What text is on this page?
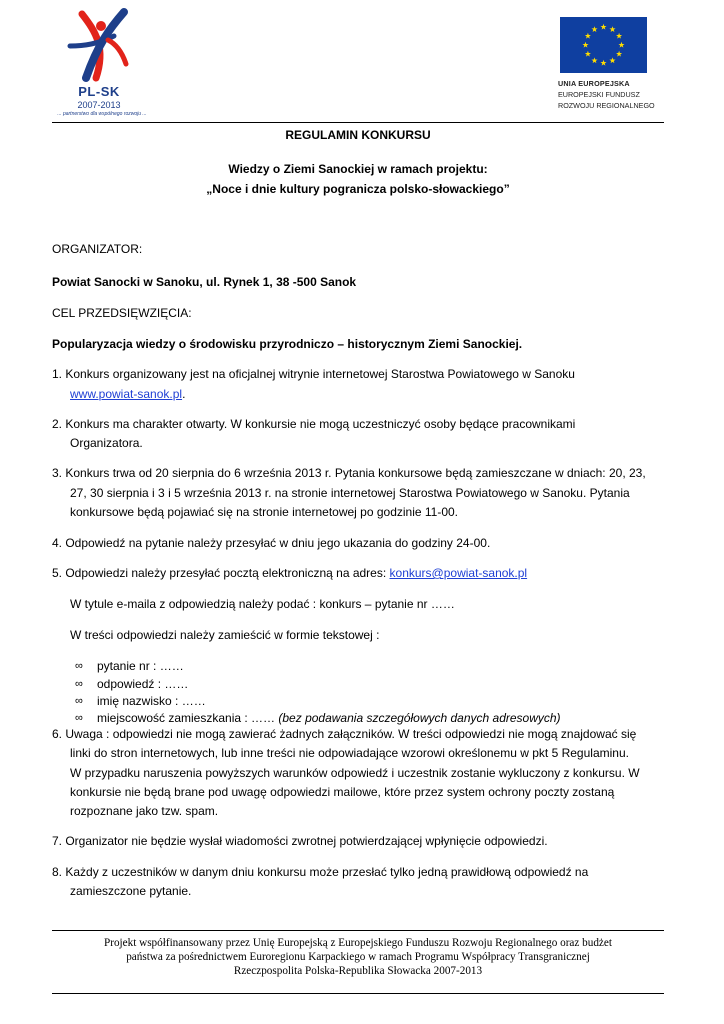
PL-SK
2007-2013
... partnerstwo dla wspólnego rozwoju ...
UNIA EUROPEJSKA
EUROPEJSKI FUNDUSZ
ROZWOJU REGIONALNEGO
REGULAMIN KONKURSU
Wiedzy o Ziemi Sanockiej w ramach projektu:
„Noce i dnie kultury pogranicza polsko-słowackiego”
ORGANIZATOR:
Powiat Sanocki w Sanoku, ul. Rynek 1, 38 -500 Sanok
CEL PRZEDSIĘWZIĘCIA:
Popularyzacja wiedzy o środowisku przyrodniczo – historycznym Ziemi Sanockiej.
1. Konkurs organizowany jest na oficjalnej witrynie internetowej Starostwa Powiatowego w Sanoku
www.powiat-sanok.pl.
2. Konkurs ma charakter otwarty. W konkursie nie mogą uczestniczyć osoby będące pracownikami
Organizatora.
3. Konkurs trwa od 20 sierpnia do 6 września 2013 r. Pytania konkursowe będą zamieszczane w dniach: 20, 23,
27, 30 sierpnia i 3 i 5 września 2013 r. na stronie internetowej Starostwa Powiatowego w Sanoku. Pytania
konkursowe będą pojawiać się na stronie internetowej po godzinie 11-00.
4. Odpowiedź na pytanie należy przesyłać w dniu jego ukazania do godziny 24-00.
5. Odpowiedzi należy przesyłać pocztą elektroniczną na adres: konkurs@powiat-sanok.pl
W tytule e-maila z odpowiedzią należy podać : konkurs – pytanie nr ……
W treści odpowiedzi należy zamieścić w formie tekstowej :
∞ pytanie nr : ……
∞ odpowiedź : ……
∞ imię nazwisko : ……
∞ miejscowość zamieszkania : …… (bez podawania szczegółowych danych adresowych)
6. Uwaga : odpowiedzi nie mogą zawierać żadnych załączników. W treści odpowiedzi nie mogą znajdować się
linki do stron internetowych, lub inne treści nie odpowiadające wzorowi określonemu w pkt 5 Regulaminu.
W przypadku naruszenia powyższych warunków odpowiedź i uczestnik zostanie wykluczony z konkursu. W
konkursie nie będą brane pod uwagę odpowiedzi mailowe, które przez system ochrony poczty zostaną
rozpoznane jako tzw. spam.
7. Organizator nie będzie wysłał wiadomości zwrotnej potwierdzającej wpłynięcie odpowiedzi.
8. Każdy z uczestników w danym dniu konkursu może przesłać tylko jedną prawidłową odpowiedź na
zamieszczone pytanie.
Projekt współfinansowany przez Unię Europejską z Europejskiego Funduszu Rozwoju Regionalnego oraz budżet
państwa za pośrednictwem Euroregionu Karpackiego w ramach Programu Współpracy Transgranicznej
Rzeczpospolita Polska-Republika Słowacka 2007-2013
